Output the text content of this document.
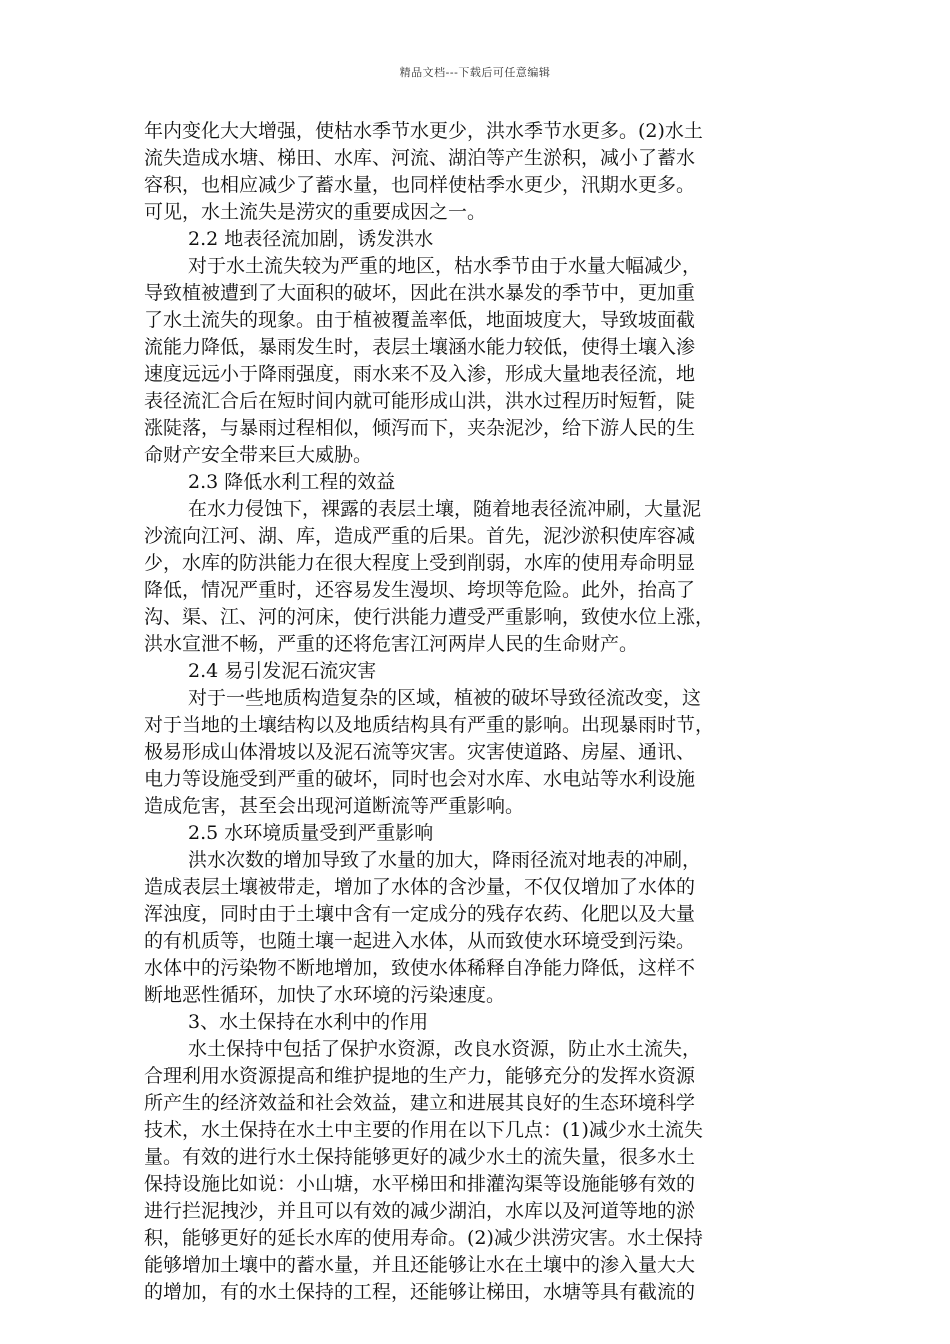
精品文档---下载后可任意编辑
年内变化大大增强，使枯水季节水更少，洪水季节水更多。(2)水土
流失造成水塘、梯田、水库、河流、湖泊等产生淤积，减小了蓄水
容积，也相应减少了蓄水量，也同样使枯季水更少，汛期水更多。
可见，水土流失是涝灾的重要成因之一。
2.2 地表径流加剧，诱发洪水
对于水土流失较为严重的地区，枯水季节由于水量大幅减少，
导致植被遭到了大面积的破坏，因此在洪水暴发的季节中，更加重
了水土流失的现象。由于植被覆盖率低，地面坡度大，导致坡面截
流能力降低，暴雨发生时，表层土壤涵水能力较低，使得土壤入渗
速度远远小于降雨强度，雨水来不及入渗，形成大量地表径流，地
表径流汇合后在短时间内就可能形成山洪，洪水过程历时短暂，陡
涨陡落，与暴雨过程相似，倾泻而下，夹杂泥沙，给下游人民的生
命财产安全带来巨大威胁。
2.3 降低水利工程的效益
在水力侵蚀下，裸露的表层土壤，随着地表径流冲刷，大量泥
沙流向江河、湖、库，造成严重的后果。首先，泥沙淤积使库容减
少，水库的防洪能力在很大程度上受到削弱，水库的使用寿命明显
降低，情况严重时，还容易发生漫坝、垮坝等危险。此外，抬高了
沟、渠、江、河的河床，使行洪能力遭受严重影响，致使水位上涨，
洪水宣泄不畅，严重的还将危害江河两岸人民的生命财产。
2.4 易引发泥石流灾害
对于一些地质构造复杂的区域，植被的破坏导致径流改变，这
对于当地的土壤结构以及地质结构具有严重的影响。出现暴雨时节，
极易形成山体滑坡以及泥石流等灾害。灾害使道路、房屋、通讯、
电力等设施受到严重的破坏，同时也会对水库、水电站等水利设施
造成危害，甚至会出现河道断流等严重影响。
2.5 水环境质量受到严重影响
洪水次数的增加导致了水量的加大，降雨径流对地表的冲刷，
造成表层土壤被带走，增加了水体的含沙量，不仅仅增加了水体的
浑浊度，同时由于土壤中含有一定成分的残存农药、化肥以及大量
的有机质等，也随土壤一起进入水体，从而致使水环境受到污染。
水体中的污染物不断地增加，致使水体稀释自净能力降低，这样不
断地恶性循环，加快了水环境的污染速度。
3、水土保持在水利中的作用
水土保持中包括了保护水资源，改良水资源，防止水土流失，
合理利用水资源提高和维护提地的生产力，能够充分的发挥水资源
所产生的经济效益和社会效益，建立和进展其良好的生态环境科学
技术，水土保持在水土中主要的作用在以下几点：(1)减少水土流失
量。有效的进行水土保持能够更好的减少水土的流失量，很多水土
保持设施比如说：小山塘，水平梯田和排灌沟渠等设施能够有效的
进行拦泥拽沙，并且可以有效的减少湖泊，水库以及河道等地的淤
积，能够更好的延长水库的使用寿命。(2)减少洪涝灾害。水土保持
能够增加土壤中的蓄水量，并且还能够让水在土壤中的渗入量大大
的增加，有的水土保持的工程，还能够让梯田，水塘等具有截流的
